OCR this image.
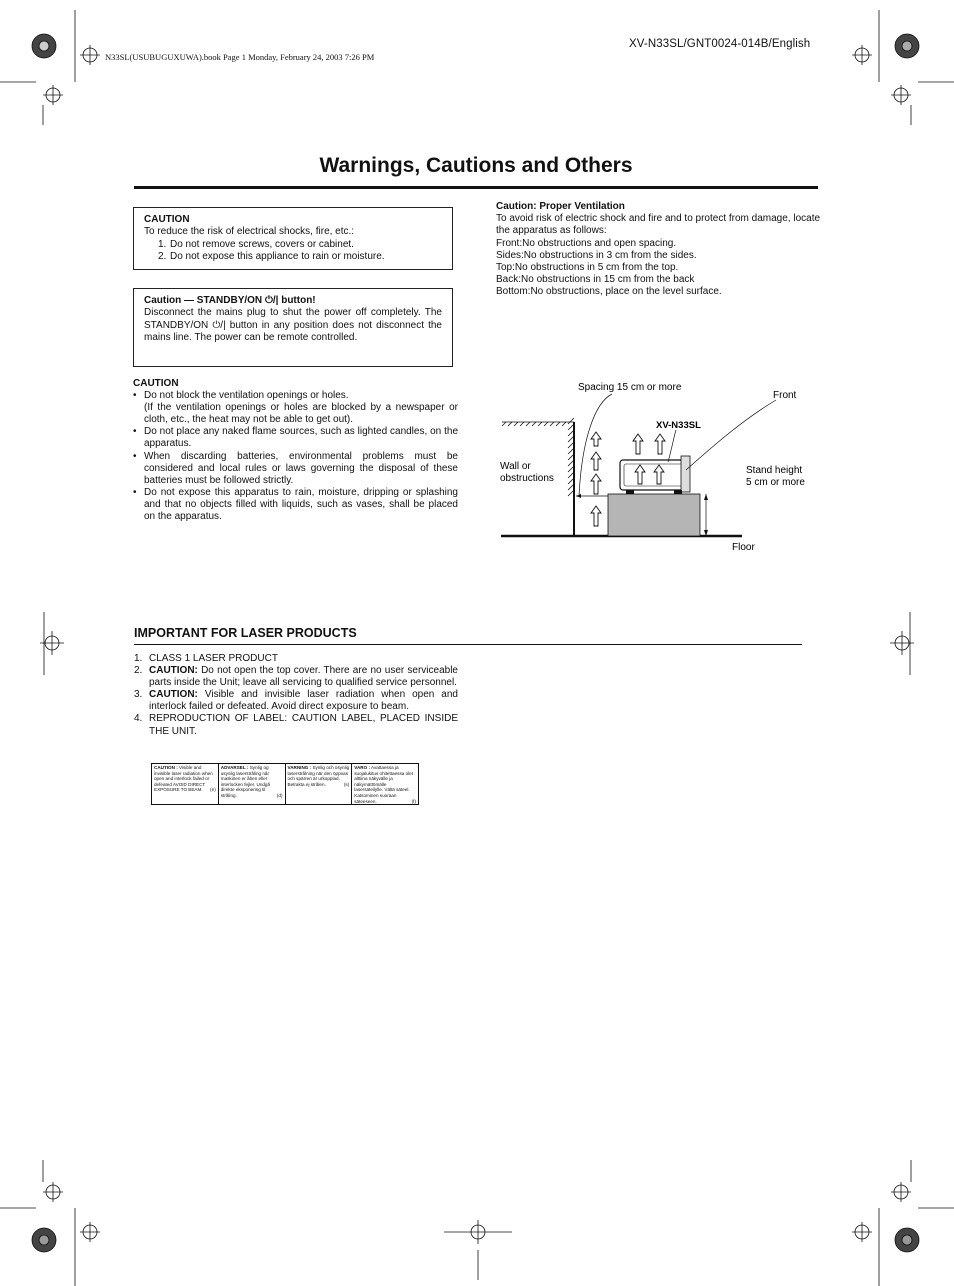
N33SL(USUBUGUXUWA).book Page 1 Monday, February 24, 2003 7:26 PM
XV-N33SL/GNT0024-014B/English
Warnings, Cautions and Others
CAUTION
To reduce the risk of electrical shocks, fire, etc.:
1. Do not remove screws, covers or cabinet.
2. Do not expose this appliance to rain or moisture.
Caution — STANDBY/ON ⏻/| button!
Disconnect the mains plug to shut the power off completely. The STANDBY/ON ⏻/| button in any position does not disconnect the mains line. The power can be remote controlled.
CAUTION
• Do not block the ventilation openings or holes.
(If the ventilation openings or holes are blocked by a newspaper or cloth, etc., the heat may not be able to get out).
• Do not place any naked flame sources, such as lighted candles, on the apparatus.
• When discarding batteries, environmental problems must be considered and local rules or laws governing the disposal of these batteries must be followed strictly.
• Do not expose this apparatus to rain, moisture, dripping or splashing and that no objects filled with liquids, such as vases, shall be placed on the apparatus.
Caution: Proper Ventilation
To avoid risk of electric shock and fire and to protect from damage, locate the apparatus as follows:
Front:No obstructions and open spacing.
Sides:No obstructions in 3 cm from the sides.
Top:No obstructions in 5 cm from the top.
Back:No obstructions in 15 cm from the back
Bottom:No obstructions, place on the level surface.
Spacing 15 cm or more
Front
XV-N33SL
Wall or
obstructions
Stand height
5 cm or more
Floor
IMPORTANT FOR LASER PRODUCTS
1. CLASS 1 LASER PRODUCT
2. CAUTION: Do not open the top cover. There are no user serviceable parts inside the Unit; leave all servicing to qualified service personnel.
3. CAUTION: Visible and invisible laser radiation when open and interlock failed or defeated. Avoid direct exposure to beam.
4. REPRODUCTION OF LABEL: CAUTION LABEL, PLACED INSIDE THE UNIT.
CAUTION : Visible and invisible laser radiation when open and interlock failed or defeated AVOID DIRECT EXPOSURE TO BEAM. (e)
ADVARSEL : Synlig og usynlig laserstråling når maskinen er åben eller interlocken fejler. Undgå direkte eksponering til stråling.	(d)
VARNING : Synlig och osynlig laserstrålning när den öppnas och spärren är urkopplad. Betrakta ej strålen.	(s)
VARO : Avattaessa ja suojalukitus ohitettaessa olet alttiina näkyvälle ja näkymättömälle lasersäteilylle. Vältä säteel. Katsominen suoraan säteeseen.	(f)
